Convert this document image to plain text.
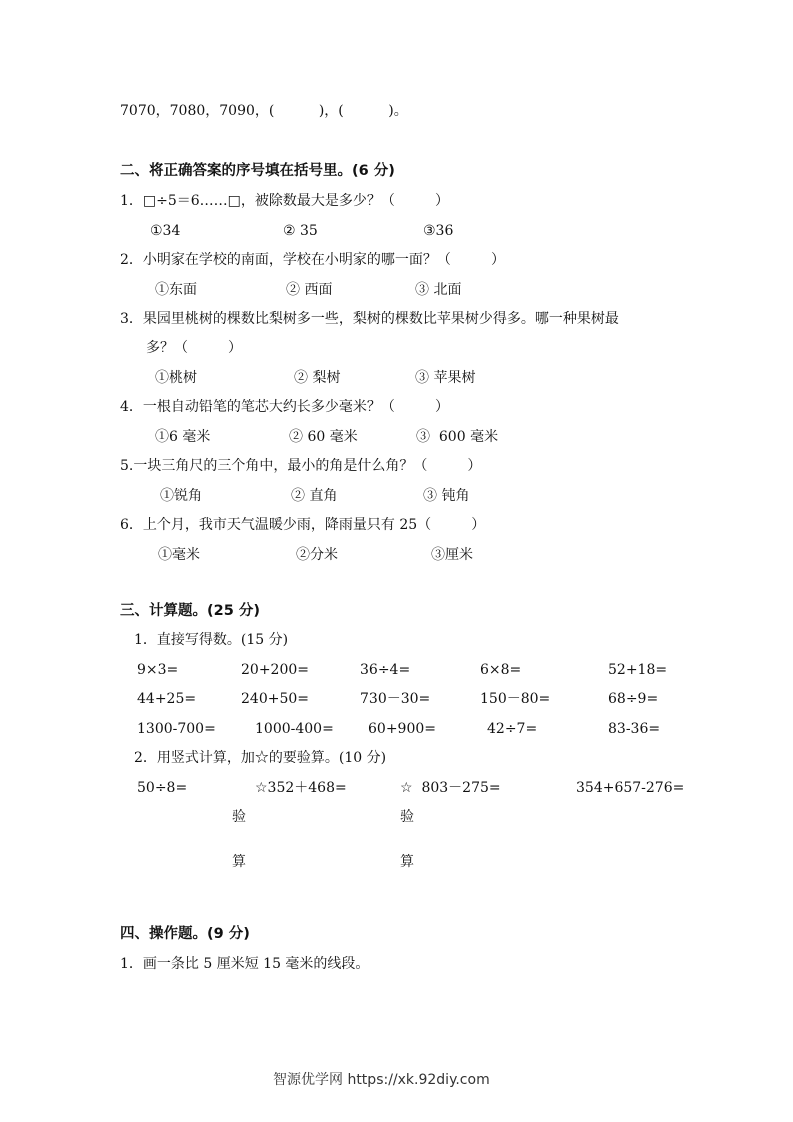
7070，7080，7090，(          )，(          )。
二、将正确答案的序号填在括号里。(6 分)
1．□÷5＝6……□，被除数最大是多少？（         ）
①34	② 35	③36
2．小明家在学校的南面，学校在小明家的哪一面？（         ）
①东面	② 西面	③ 北面
3．果园里桃树的棵数比梨树多一些，梨树的棵数比苹果树少得多。哪一种果树最
多？（         ）
①桃树	② 梨树	③ 苹果树
4．一根自动铅笔的笔芯大约长多少毫米？（         ）
①6 毫米	② 60 毫米	③  600 毫米
5.一块三角尺的三个角中，最小的角是什么角？（         ）
①锐角	② 直角	③ 钝角
6．上个月，我市天气温暖少雨，降雨量只有 25（         ）
①毫米	②分米	③厘米
三、计算题。(25 分)
1．直接写得数。(15 分)
9×3=	20+200=	36÷4=	6×8=	52+18=
44+25=	240+50=	730－30=	150－80=	68÷9=
1300-700=	1000-400= 60+900=	42÷7=	83-36=
2．用竖式计算，加☆的要验算。(10 分)
50÷8=	☆352＋468=	☆  803－275=	354+657-276=
验	验
算	算
四、操作题。(9 分)
1．画一条比 5 厘米短 15 毫米的线段。
智源优学网 https://xk.92diy.com
